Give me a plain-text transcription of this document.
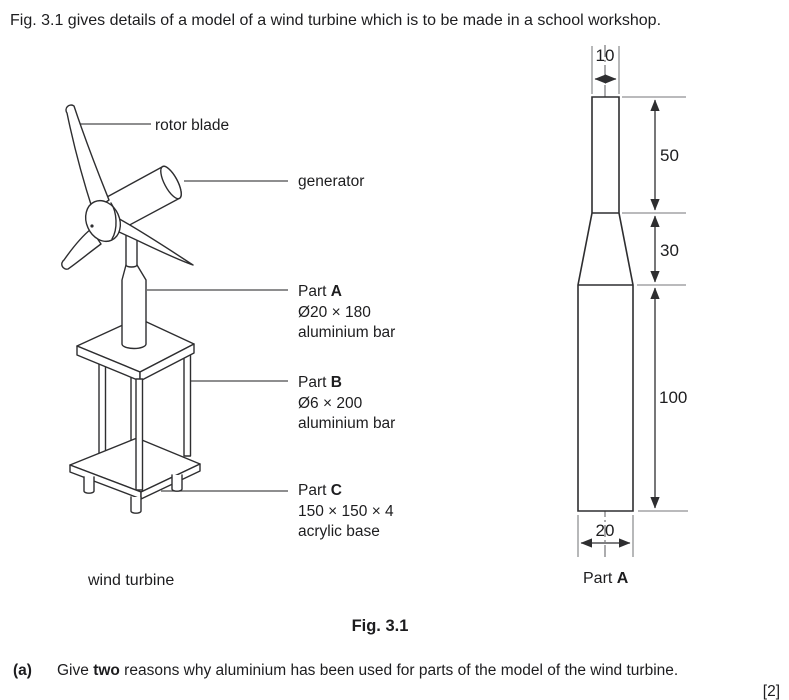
Fig. 3.1 gives details of a model of a wind turbine which is to be made in a school workshop.
rotor blade
generator
Part A
Ø20 × 180
aluminium bar
Part B
Ø6 × 200
aluminium bar
Part C
150 × 150 × 4
acrylic base
wind turbine
10
50
30
100
20
Part A
Fig. 3.1
(a) Give two reasons why aluminium has been used for parts of the model of the wind turbine.
[2]
